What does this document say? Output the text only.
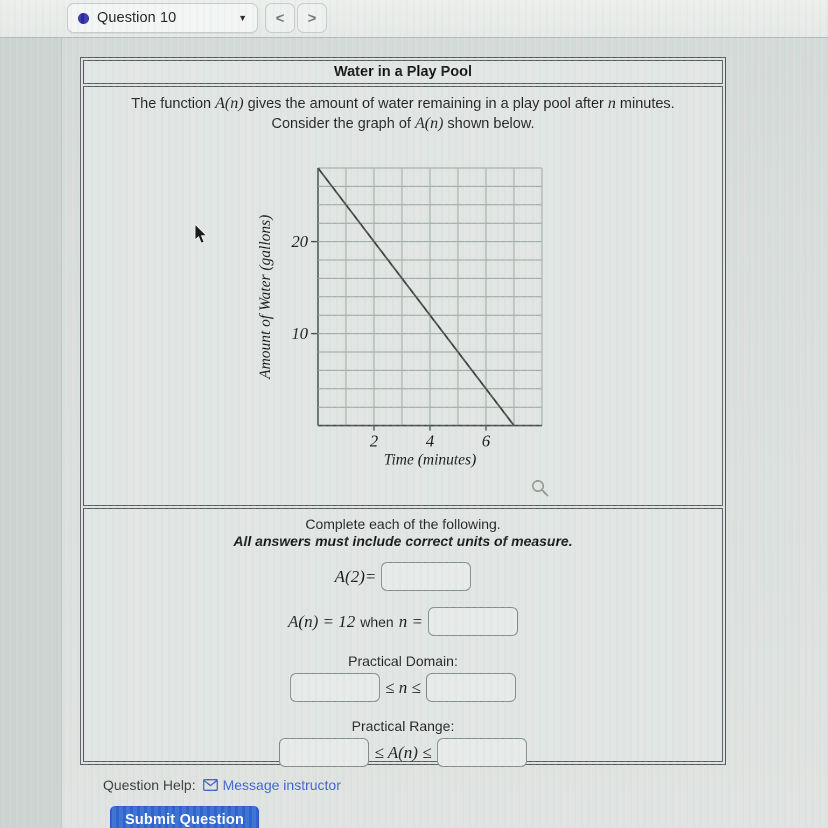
Question 10	▼ < >
Water in a Play Pool

The function A(n) gives the amount of water remaining in a play pool after n minutes.

Consider the graph of A(n) shown below.

10
20
2	4	6
Time (minutes)
Amount of Water (gallons)
Complete each of the following.
All answers must include correct units of measure.
A(2)=
A(n) = 12 when n =
Practical Domain:
≤ n ≤
Practical Range:
≤ A(n) ≤
Question Help: Message instructor
Submit Question
